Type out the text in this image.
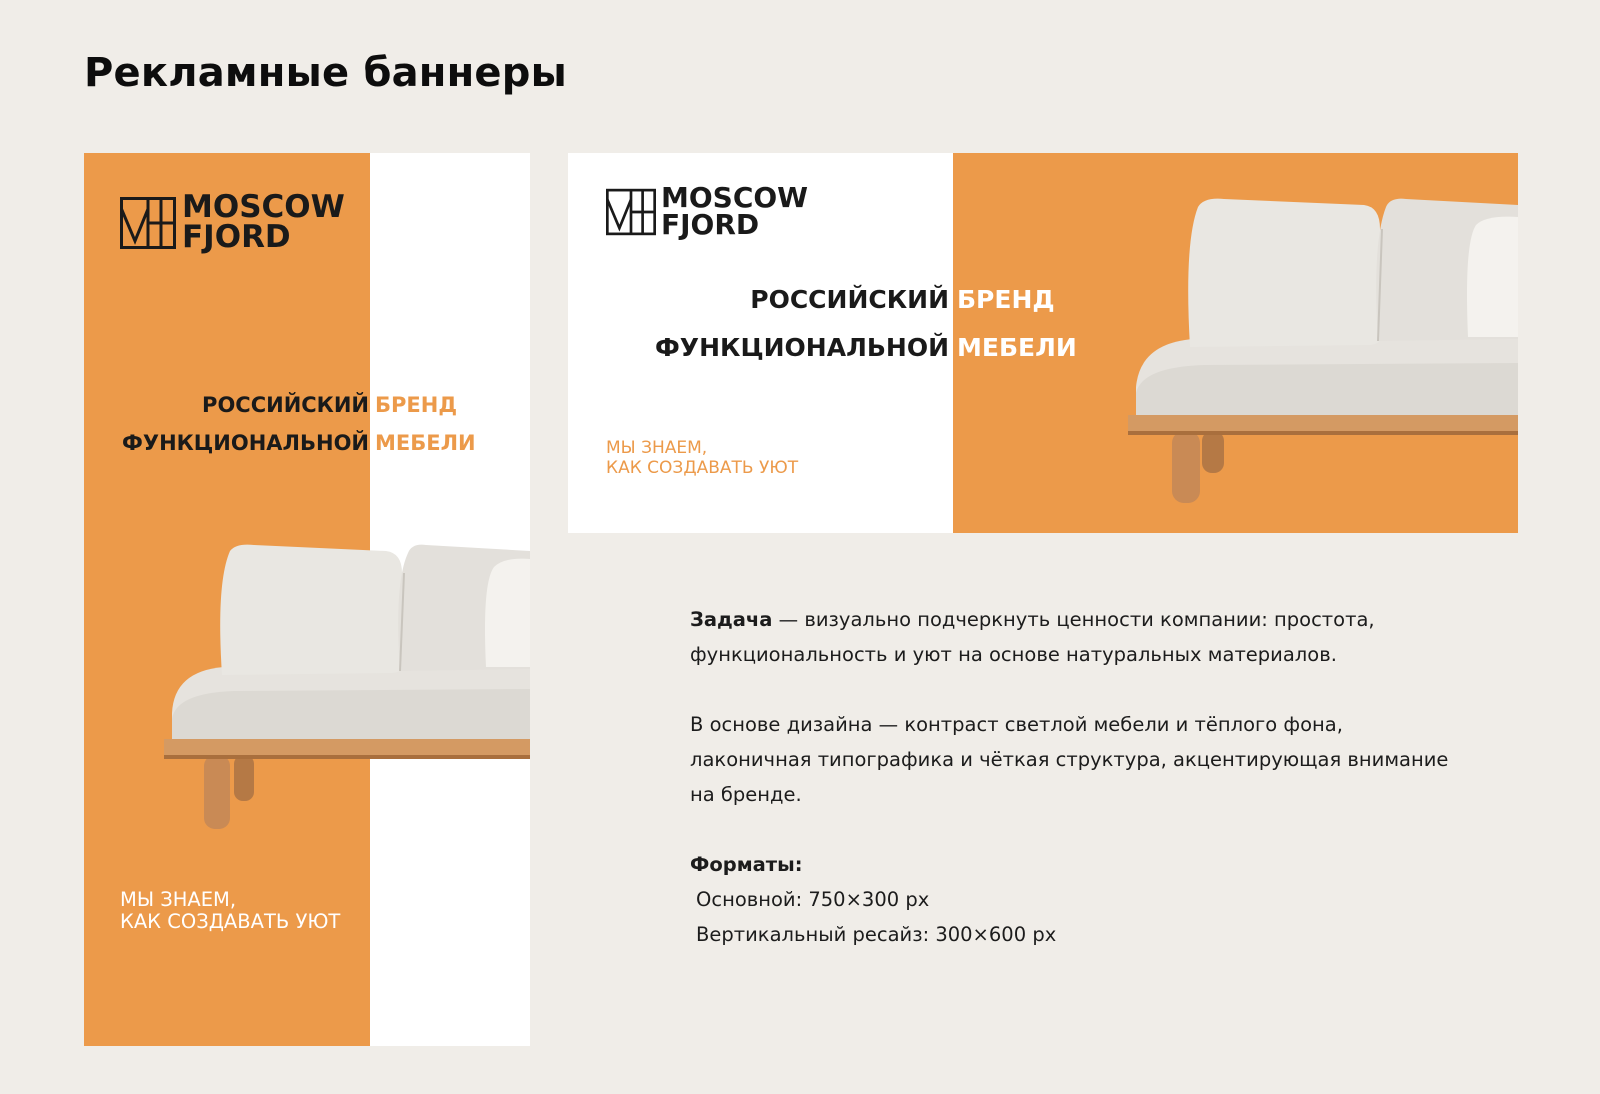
Рекламные баннеры
MOSCOW
FJORD
РОССИЙСКИЙ БРЕНД
ФУНКЦИОНАЛЬНОЙ МЕБЕЛИ
МЫ ЗНАЕМ,
КАК СОЗДАВАТЬ УЮТ
MOSCOW
FJORD
РОССИЙСКИЙ БРЕНД
ФУНКЦИОНАЛЬНОЙ МЕБЕЛИ
МЫ ЗНАЕМ,
КАК СОЗДАВАТЬ УЮТ

Задача — визуально подчеркнуть ценности компании: простота, функциональность и уют на основе натуральных материалов.

В основе дизайна — контраст светлой мебели и тёплого фона, лаконичная типографика и чёткая структура, акцентирующая внимание на бренде.

Форматы:

Основной: 750×300 px

Вертикальный ресайз: 300×600 px
